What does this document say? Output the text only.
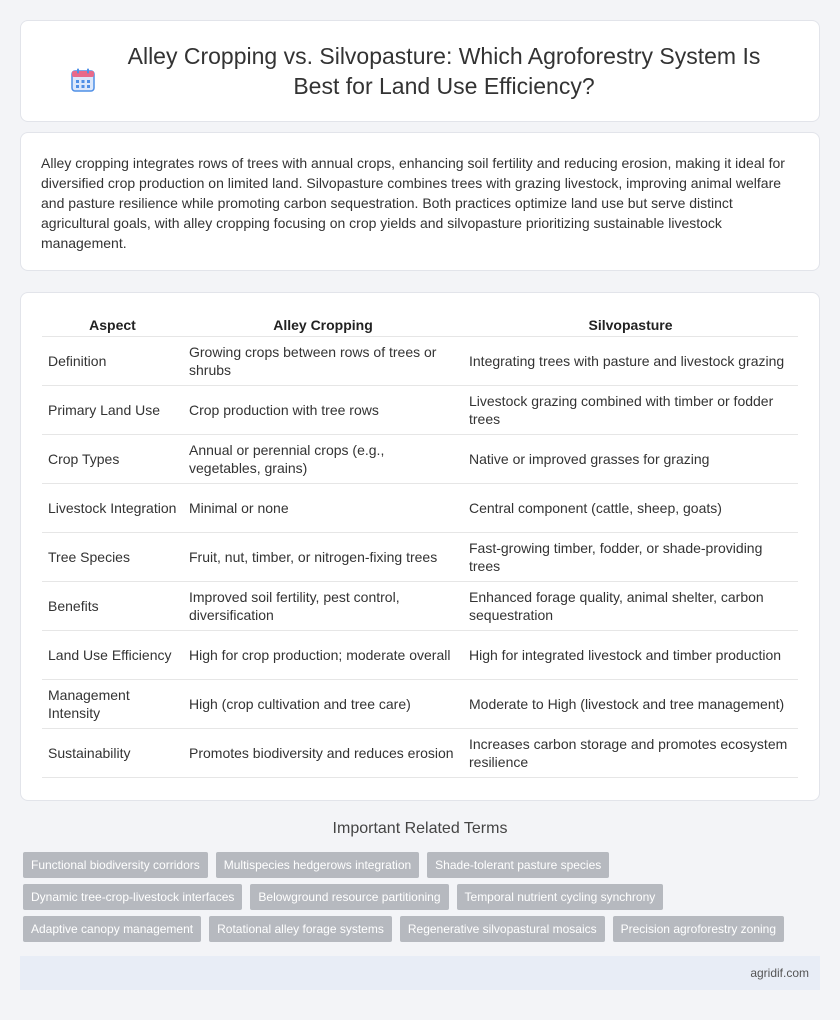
Alley Cropping vs. Silvopasture: Which Agroforestry System Is Best for Land Use Efficiency?

Alley cropping integrates rows of trees with annual crops, enhancing soil fertility and reducing erosion, making it ideal for diversified crop production on limited land. Silvopasture combines trees with grazing livestock, improving animal welfare and pasture resilience while promoting carbon sequestration. Both practices optimize land use but serve distinct agricultural goals, with alley cropping focusing on crop yields and silvopasture prioritizing sustainable livestock management.

Aspect	Alley Cropping	Silvopasture
Definition	Growing crops between rows of trees or shrubs	Integrating trees with pasture and livestock grazing
Primary Land Use	Crop production with tree rows	Livestock grazing combined with timber or fodder trees
Crop Types	Annual or perennial crops (e.g., vegetables, grains)	Native or improved grasses for grazing
Livestock Integration	Minimal or none	Central component (cattle, sheep, goats)
Tree Species	Fruit, nut, timber, or nitrogen-fixing trees	Fast-growing timber, fodder, or shade-providing trees
Benefits	Improved soil fertility, pest control, diversification	Enhanced forage quality, animal shelter, carbon sequestration
Land Use Efficiency	High for crop production; moderate overall	High for integrated livestock and timber production
Management Intensity	High (crop cultivation and tree care)	Moderate to High (livestock and tree management)
Sustainability	Promotes biodiversity and reduces erosion	Increases carbon storage and promotes ecosystem resilience
Important Related Terms
Functional biodiversity corridors	Multispecies hedgerows integration	Shade-tolerant pasture species
Dynamic tree-crop-livestock interfaces	Belowground resource partitioning	Temporal nutrient cycling synchrony
Adaptive canopy management	Rotational alley forage systems	Regenerative silvopastural mosaics	Precision agroforestry zoning
agridif.com
